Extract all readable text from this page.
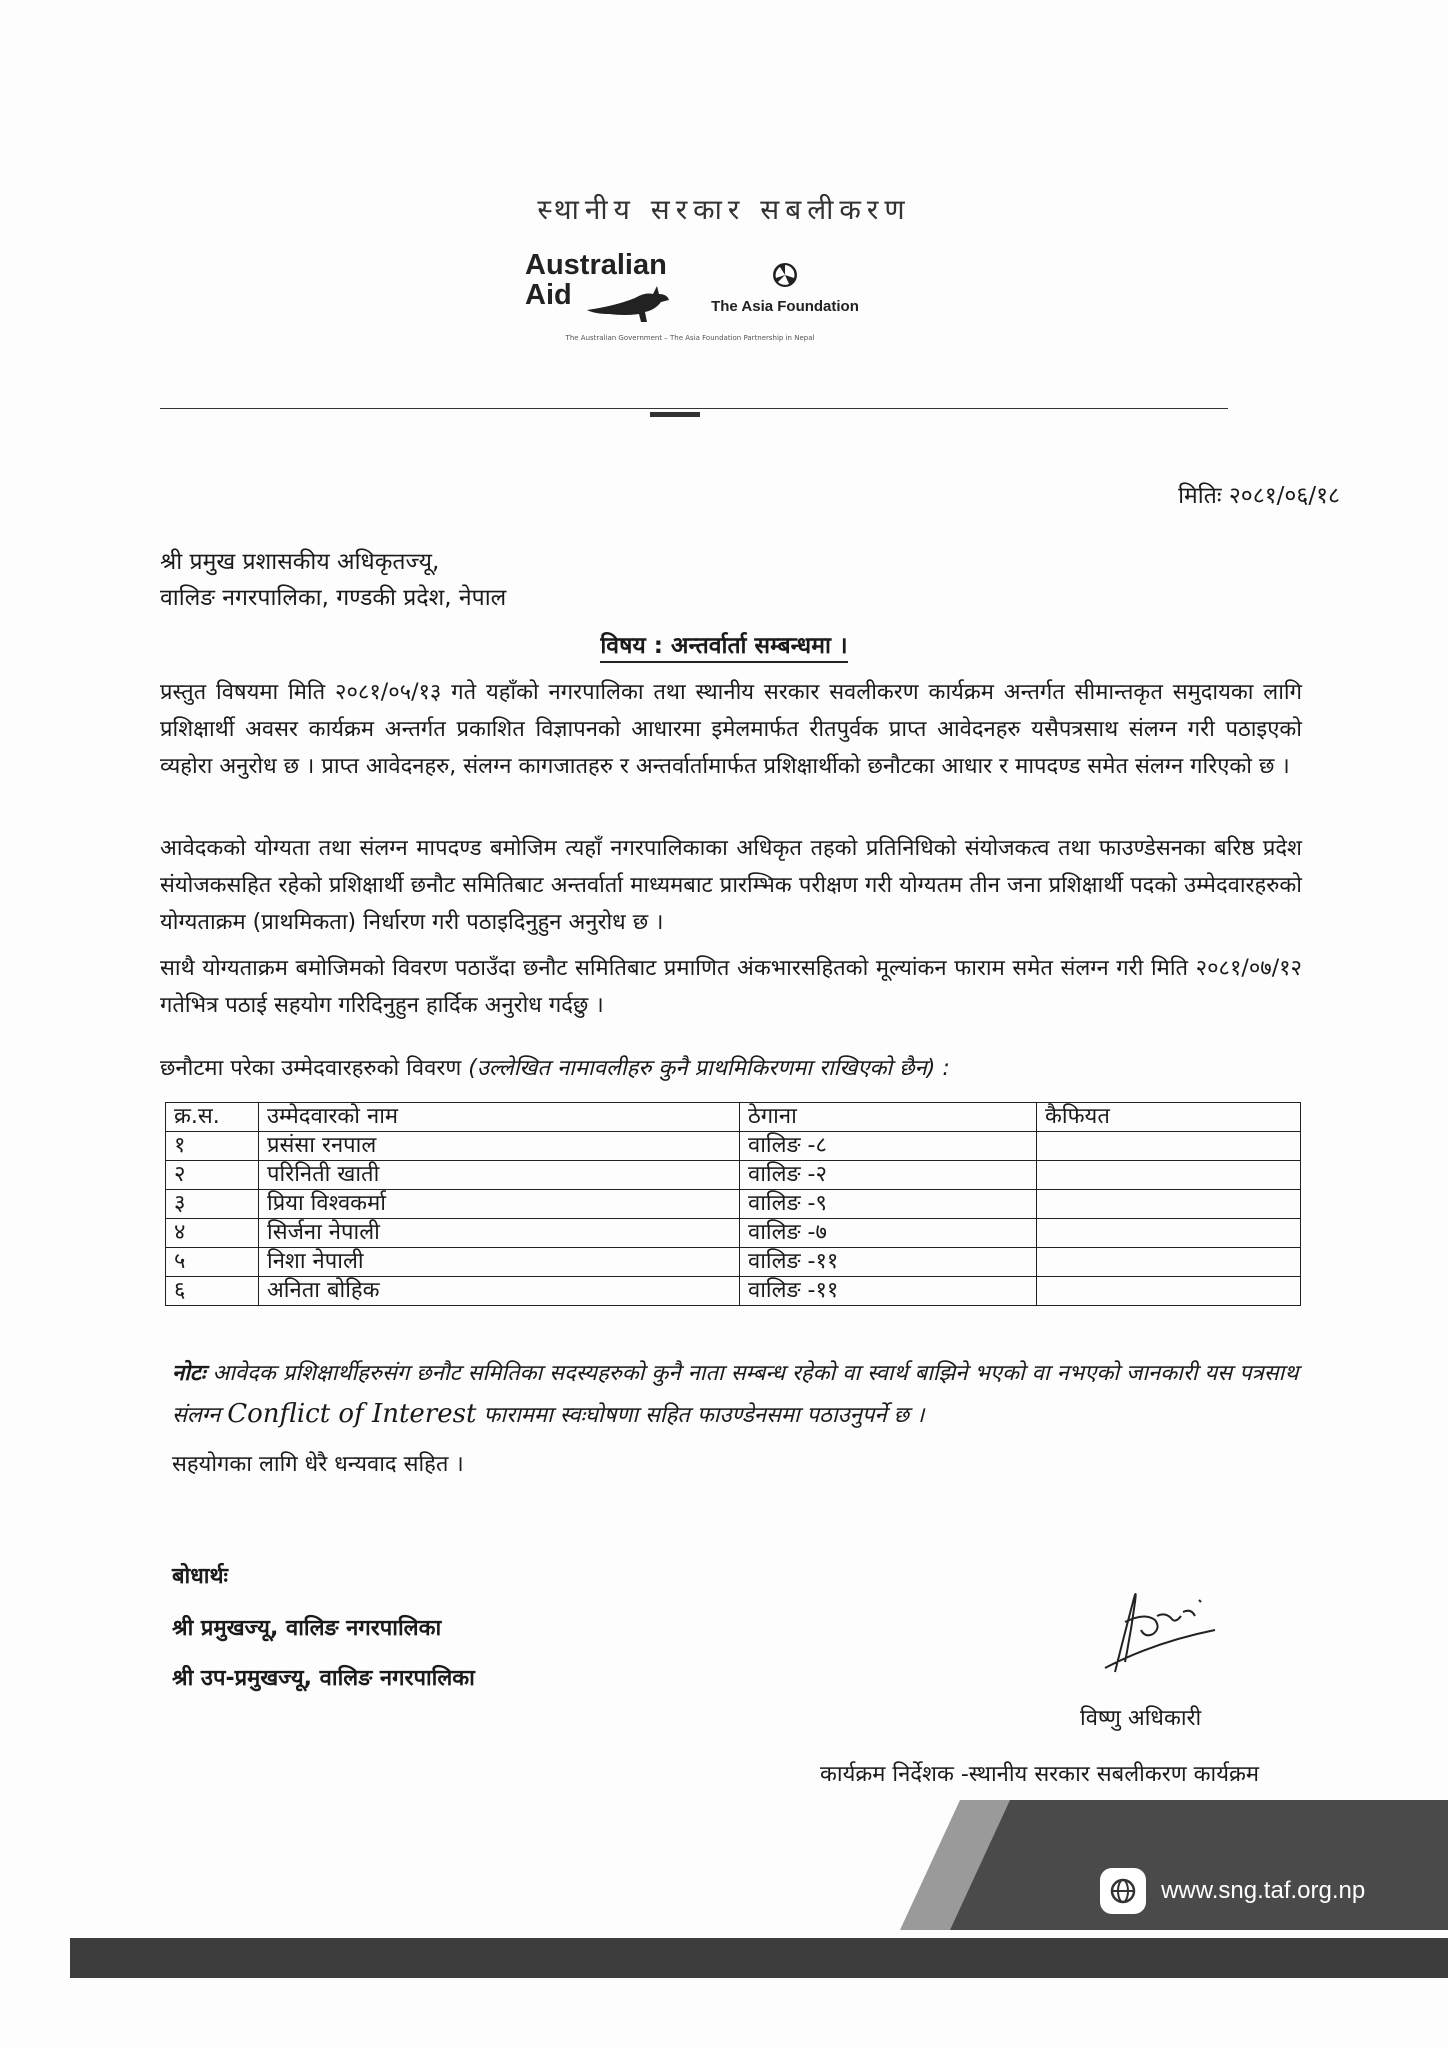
स्थानीय सरकार सबलीकरण
Australian
Aid	The Asia Foundation
The Australian Government – The Asia Foundation Partnership in Nepal
मितिः २०८१/०६/१८
श्री प्रमुख प्रशासकीय अधिकृतज्यू,
वालिङ नगरपालिका, गण्डकी प्रदेश, नेपाल
विषय : अन्तर्वार्ता सम्बन्धमा ।
प्रस्तुत विषयमा मिति २०८१/०५/१३ गते यहाँको नगरपालिका तथा स्थानीय सरकार सवलीकरण कार्यक्रम अन्तर्गत सीमान्तकृत समुदायका लागि प्रशिक्षार्थी अवसर कार्यक्रम अन्तर्गत प्रकाशित विज्ञापनको आधारमा इमेलमार्फत रीतपुर्वक प्राप्त आवेदनहरु यसैपत्रसाथ संलग्न गरी पठाइएको व्यहोरा अनुरोध छ । प्राप्त आवेदनहरु, संलग्न कागजातहरु र अन्तर्वार्तामार्फत प्रशिक्षार्थीको छनौटका आधार र मापदण्ड समेत संलग्न गरिएको छ ।
आवेदकको योग्यता तथा संलग्न मापदण्ड बमोजिम त्यहाँ नगरपालिकाका अधिकृत तहको प्रतिनिधिको संयोजकत्व तथा फाउण्डेसनका बरिष्ठ प्रदेश संयोजकसहित रहेको प्रशिक्षार्थी छनौट समितिबाट अन्तर्वार्ता माध्यमबाट प्रारम्भिक परीक्षण गरी योग्यतम तीन जना प्रशिक्षार्थी पदको उम्मेदवारहरुको योग्यताक्रम (प्राथमिकता) निर्धारण गरी पठाइदिनुहुन अनुरोध छ ।
साथै योग्यताक्रम बमोजिमको विवरण पठाउँदा छनौट समितिबाट प्रमाणित अंकभारसहितको मूल्यांकन फाराम समेत संलग्न गरी मिति २०८१/०७/१२ गतेभित्र पठाई सहयोग गरिदिनुहुन हार्दिक अनुरोध गर्दछु ।
छनौटमा परेका उम्मेदवारहरुको विवरण (उल्लेखित नामावलीहरु कुनै प्राथमिकिरणमा राखिएको छैन) :
क्र.स.	उम्मेदवारको नाम	ठेगाना	कैफियत
१	प्रसंसा रनपाल	वालिङ -८	
२	परिनिती खाती	वालिङ -२	
३	प्रिया विश्वकर्मा	वालिङ -९	
४	सिर्जना नेपाली	वालिङ -७	
५	निशा नेपाली	वालिङ -११	
६	अनिता बोहिक	वालिङ -११	
नोटः आवेदक प्रशिक्षार्थीहरुसंग छनौट समितिका सदस्यहरुको कुनै नाता सम्बन्ध रहेको वा स्वार्थ बाझिने भएको वा नभएको जानकारी यस पत्रसाथ संलग्न Conflict of Interest फाराममा स्वःघोषणा सहित फाउण्डेनसमा पठाउनुपर्ने छ ।
सहयोगका लागि धेरै धन्यवाद सहित ।
बोधार्थः
श्री प्रमुखज्यू, वालिङ नगरपालिका
श्री उप-प्रमुखज्यू, वालिङ नगरपालिका
विष्णु अधिकारी
कार्यक्रम निर्देशक -स्थानीय सरकार सबलीकरण कार्यक्रम
www.sng.taf.org.np
